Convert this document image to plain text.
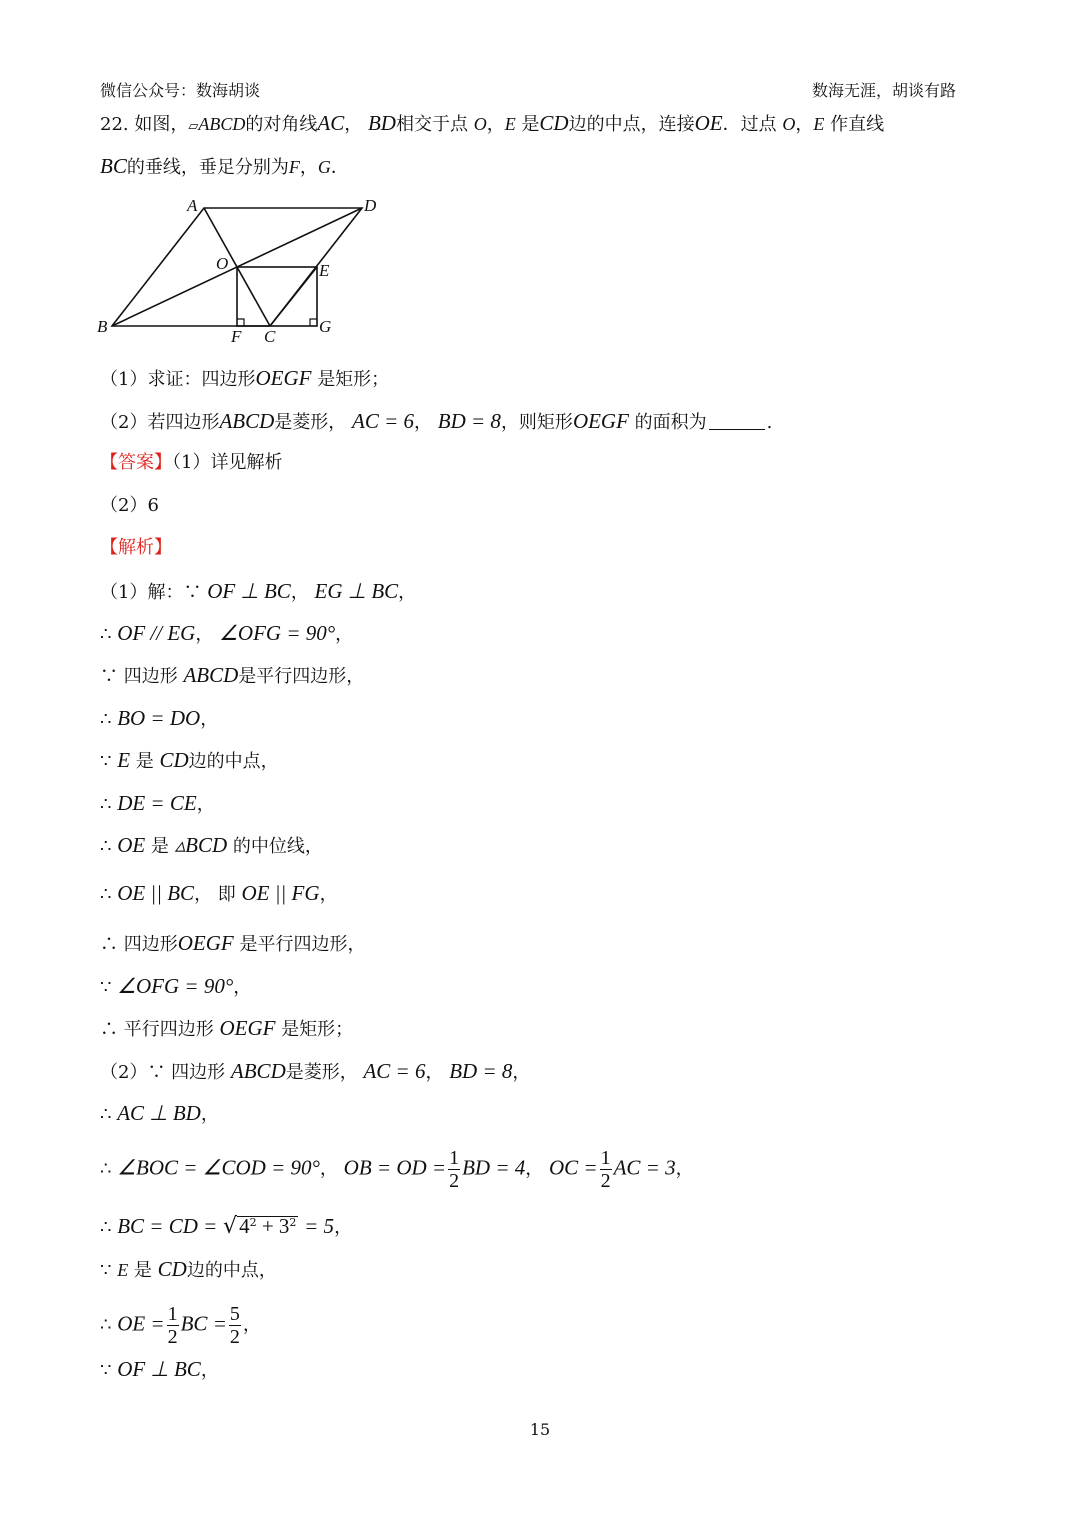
微信公众号：数海胡谈	数海无涯，胡谈有路
22. 如图，▱ABCD的对角线AC， BD相交于点 O，E 是CD边的中点，连接OE．过点 O，E 作直线
BC的垂线，垂足分别为F，G．
A	D
O	E
B
F C
G
（1）求证：四边形OEGF 是矩形；
（2）若四边形ABCD是菱形， AC = 6， BD = 8，则矩形OEGF 的面积为	.
【答案】（1）详见解析
（2）6
【解析】
（1）解：∵ OF ⊥ BC， EG ⊥ BC，
∴ OF // EG， ∠OFG = 90°，
∵ 四边形 ABCD是平行四边形，
∴ BO = DO，
∵ E 是 CD边的中点，
∴ DE = CE，
∴ OE 是 ▵BCD 的中位线，
∴ OE || BC， 即 OE || FG，
∴ 四边形OEGF 是平行四边形，
∵ ∠OFG = 90°，
∴ 平行四边形 OEGF 是矩形；
（2）∵ 四边形 ABCD是菱形， AC = 6， BD = 8，
∴ AC ⊥ BD，
∴ ∠BOC = ∠COD = 90°， OB = OD = $\frac{1}{2}$ BD = 4， OC = $\frac{1}{2}$ AC = 3，
∴ BC = CD = $√4^2 + 3^2 = 5$，
∵ E 是 CD边的中点，
∴ OE = $\frac{1}{2}$ BC = $\frac{5}{2}$ ，
∵ OF ⊥ BC，
15
